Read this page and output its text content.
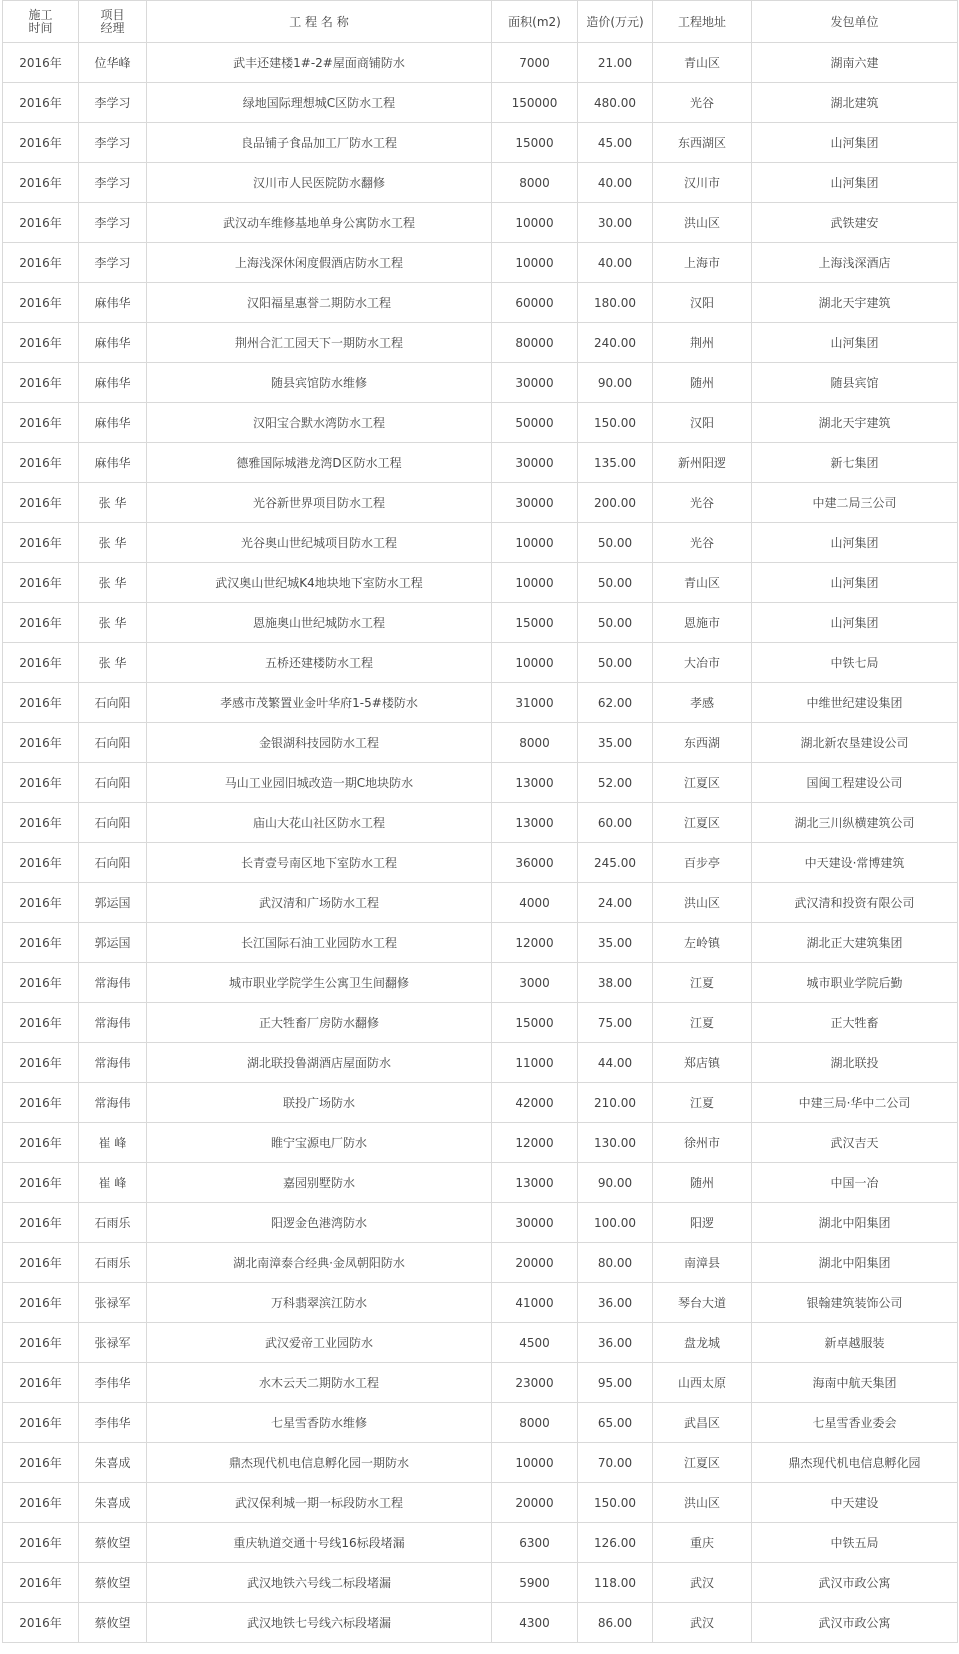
施工时间	项目经理	工 程 名 称	面积(m2)	造价(万元)	工程地址	发包单位
2016年	位华峰	武丰还建楼1#-2#屋面商铺防水	7000	21.00	青山区	湖南六建
2016年	李学习	绿地国际理想城C区防水工程	150000	480.00	光谷	湖北建筑
2016年	李学习	良品铺子食品加工厂防水工程	15000	45.00	东西湖区	山河集团
2016年	李学习	汉川市人民医院防水翻修	8000	40.00	汉川市	山河集团
2016年	李学习	武汉动车维修基地单身公寓防水工程	10000	30.00	洪山区	武铁建安
2016年	李学习	上海浅深休闲度假酒店防水工程	10000	40.00	上海市	上海浅深酒店
2016年	麻伟华	汉阳福星惠誉二期防水工程	60000	180.00	汉阳	湖北天宇建筑
2016年	麻伟华	荆州合汇工园天下一期防水工程	80000	240.00	荆州	山河集团
2016年	麻伟华	随县宾馆防水维修	30000	90.00	随州	随县宾馆
2016年	麻伟华	汉阳宝合默水湾防水工程	50000	150.00	汉阳	湖北天宇建筑
2016年	麻伟华	德雅国际城港龙湾D区防水工程	30000	135.00	新州阳逻	新七集团
2016年	张 华	光谷新世界项目防水工程	30000	200.00	光谷	中建二局三公司
2016年	张 华	光谷奥山世纪城项目防水工程	10000	50.00	光谷	山河集团
2016年	张 华	武汉奥山世纪城K4地块地下室防水工程	10000	50.00	青山区	山河集团
2016年	张 华	恩施奥山世纪城防水工程	15000	50.00	恩施市	山河集团
2016年	张 华	五桥还建楼防水工程	10000	50.00	大冶市	中铁七局
2016年	石向阳	孝感市茂繁置业金叶华府1-5#楼防水	31000	62.00	孝感	中维世纪建设集团
2016年	石向阳	金银湖科技园防水工程	8000	35.00	东西湖	湖北新农垦建设公司
2016年	石向阳	马山工业园旧城改造一期C地块防水	13000	52.00	江夏区	国闽工程建设公司
2016年	石向阳	庙山大花山社区防水工程	13000	60.00	江夏区	湖北三川纵横建筑公司
2016年	石向阳	长青壹号南区地下室防水工程	36000	245.00	百步亭	中天建设·常博建筑
2016年	郭运国	武汉清和广场防水工程	4000	24.00	洪山区	武汉清和投资有限公司
2016年	郭运国	长江国际石油工业园防水工程	12000	35.00	左岭镇	湖北正大建筑集团
2016年	常海伟	城市职业学院学生公寓卫生间翻修	3000	38.00	江夏	城市职业学院后勤
2016年	常海伟	正大牲畜厂房防水翻修	15000	75.00	江夏	正大牲畜
2016年	常海伟	湖北联投鲁湖酒店屋面防水	11000	44.00	郑店镇	湖北联投
2016年	常海伟	联投广场防水	42000	210.00	江夏	中建三局·华中二公司
2016年	崔 峰	睢宁宝源电厂防水	12000	130.00	徐州市	武汉吉天
2016年	崔 峰	嘉园别墅防水	13000	90.00	随州	中国一冶
2016年	石雨乐	阳逻金色港湾防水	30000	100.00	阳逻	湖北中阳集团
2016年	石雨乐	湖北南漳泰合经典·金凤朝阳防水	20000	80.00	南漳县	湖北中阳集团
2016年	张禄军	万科翡翠滨江防水	41000	36.00	琴台大道	银翰建筑装饰公司
2016年	张禄军	武汉爱帝工业园防水	4500	36.00	盘龙城	新卓越服装
2016年	李伟华	水木云天二期防水工程	23000	95.00	山西太原	海南中航天集团
2016年	李伟华	七星雪香防水维修	8000	65.00	武昌区	七星雪香业委会
2016年	朱喜成	鼎杰现代机电信息孵化园一期防水	10000	70.00	江夏区	鼎杰现代机电信息孵化园
2016年	朱喜成	武汉保利城一期一标段防水工程	20000	150.00	洪山区	中天建设
2016年	蔡攸望	重庆轨道交通十号线16标段堵漏	6300	126.00	重庆	中铁五局
2016年	蔡攸望	武汉地铁六号线二标段堵漏	5900	118.00	武汉	武汉市政公寓
2016年	蔡攸望	武汉地铁七号线六标段堵漏	4300	86.00	武汉	武汉市政公寓
